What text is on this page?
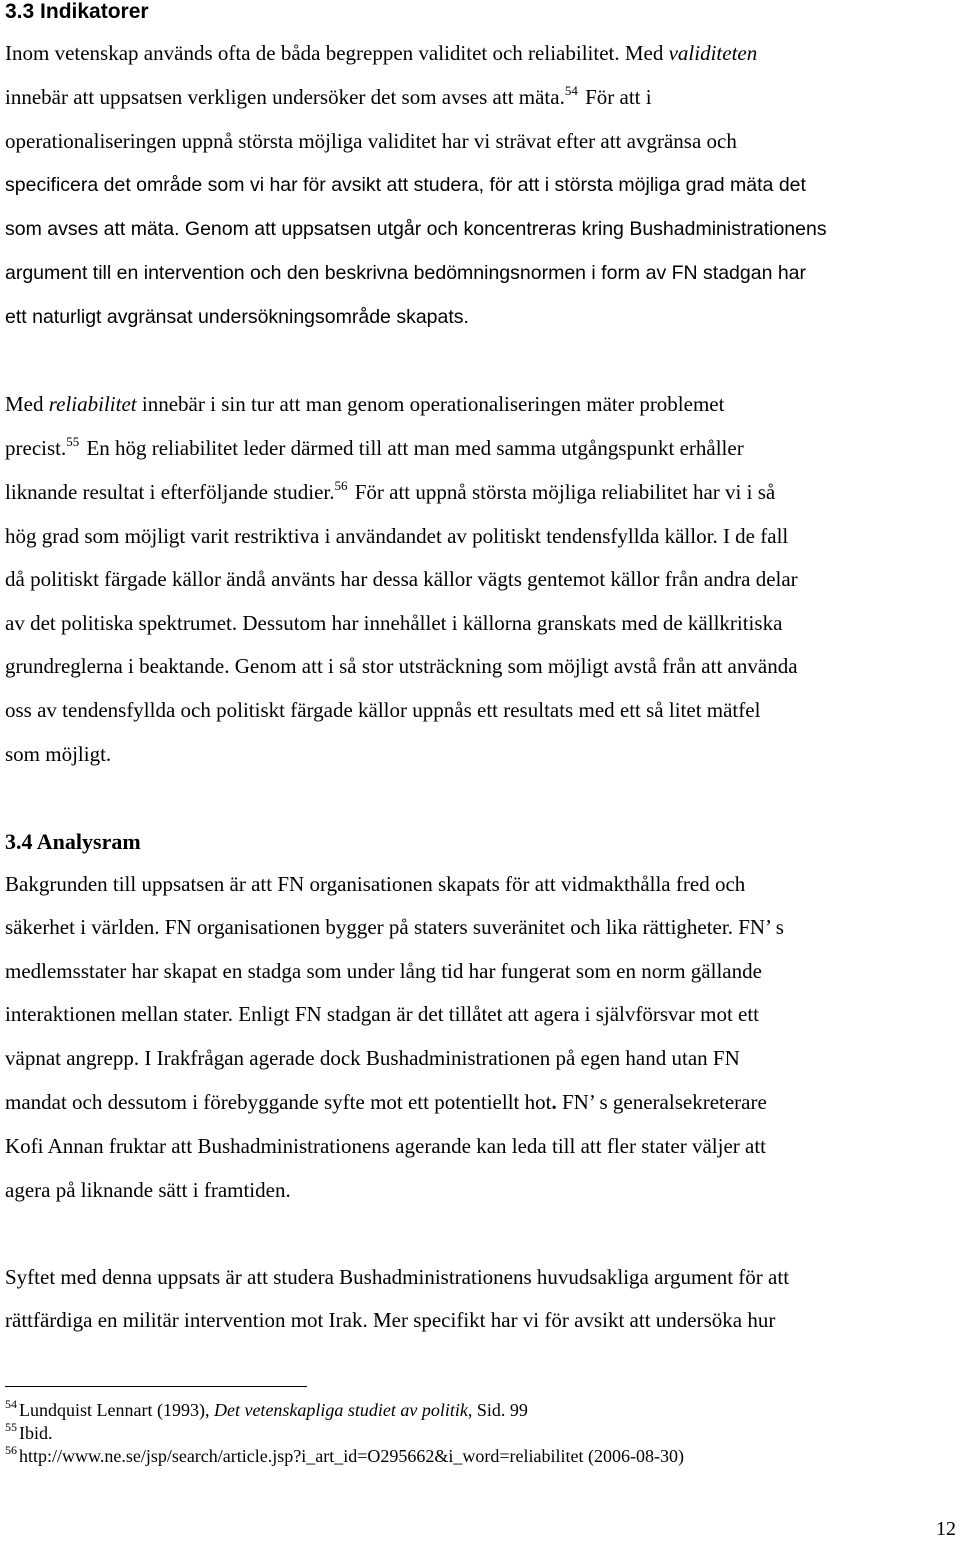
3.3 Indikatorer
Inom vetenskap används ofta de båda begreppen validitet och reliabilitet. Med validiteten
innebär att uppsatsen verkligen undersöker det som avses att mäta.$^{54}$ För att i
operationaliseringen uppnå största möjliga validitet har vi strävat efter att avgränsa och
specificera det område som vi har för avsikt att studera, för att i största möjliga grad mäta det
som avses att mäta. Genom att uppsatsen utgår och koncentreras kring Bushadministrationens
argument till en intervention och den beskrivna bedömningsnormen i form av FN stadgan har
ett naturligt avgränsat undersökningsområde skapats.
Med reliabilitet innebär i sin tur att man genom operationaliseringen mäter problemet
precist.$^{55}$ En hög reliabilitet leder därmed till att man med samma utgångspunkt erhåller
liknande resultat i efterföljande studier.$^{56}$ För att uppnå största möjliga reliabilitet har vi i så
hög grad som möjligt varit restriktiva i användandet av politiskt tendensfyllda källor. I de fall
då politiskt färgade källor ändå använts har dessa källor vägts gentemot källor från andra delar
av det politiska spektrumet. Dessutom har innehållet i källorna granskats med de källkritiska
grundreglerna i beaktande. Genom att i så stor utsträckning som möjligt avstå från att använda
oss av tendensfyllda och politiskt färgade källor uppnås ett resultats med ett så litet mätfel
som möjligt.
3.4 Analysram
Bakgrunden till uppsatsen är att FN organisationen skapats för att vidmakthålla fred och
säkerhet i världen. FN organisationen bygger på staters suveränitet och lika rättigheter. FN’ s
medlemsstater har skapat en stadga som under lång tid har fungerat som en norm gällande
interaktionen mellan stater. Enligt FN stadgan är det tillåtet att agera i självförsvar mot ett
väpnat angrepp. I Irakfrågan agerade dock Bushadministrationen på egen hand utan FN
mandat och dessutom i förebyggande syfte mot ett potentiellt hot. FN’ s generalsekreterare
Kofi Annan fruktar att Bushadministrationens agerande kan leda till att fler stater väljer att
agera på liknande sätt i framtiden.
Syftet med denna uppsats är att studera Bushadministrationens huvudsakliga argument för att
rättfärdiga en militär intervention mot Irak. Mer specifikt har vi för avsikt att undersöka hur
$^{54}$ Lundquist Lennart (1993), Det vetenskapliga studiet av politik, Sid. 99
$^{55}$ Ibid.
$^{56}$ http://www.ne.se/jsp/search/article.jsp?i_art_id=O295662&i_word=reliabilitet (2006-08-30)
12
